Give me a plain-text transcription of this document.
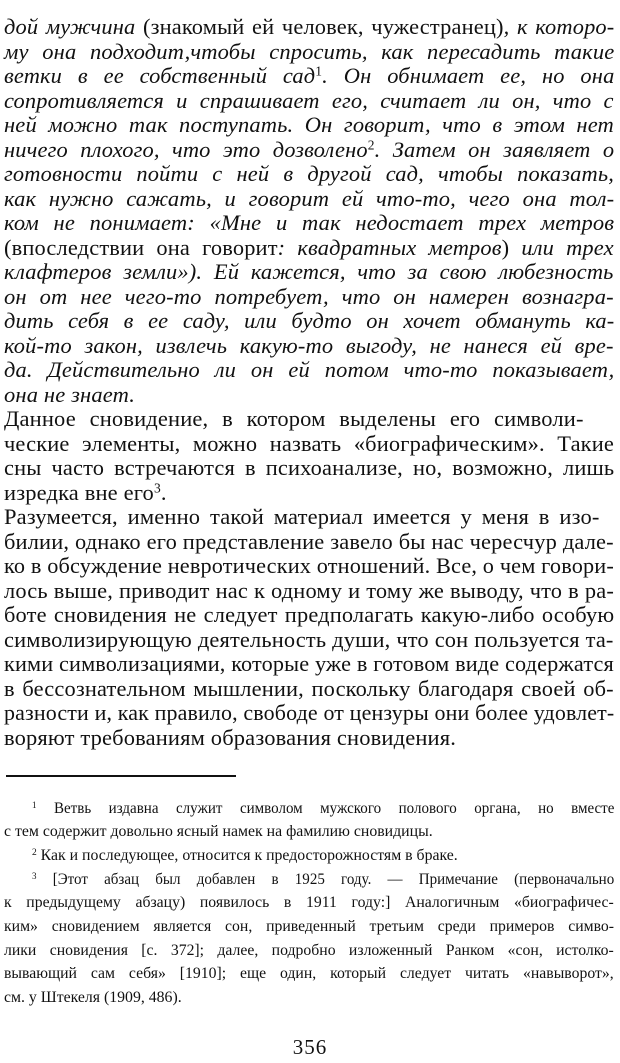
дой мужчина (знакомый ей человек, чужестранец), к которо-
му она подходит,чтобы спросить, как пересадить такие
ветки в ее собственный сад$^1$. Он обнимает ее, но она
сопротивляется и спрашивает его, считает ли он, что с
ней можно так поступать. Он говорит, что в этом нет
ничего плохого, что это дозволено$^2$. Затем он заявляет о
готовности пойти с ней в другой сад, чтобы показать,
как нужно сажать, и говорит ей что-то, чего она тол-
ком не понимает: «Мне и так недостает трех метров
(впоследствии она говорит: квадратных метров) или трех
клафтеров земли»). Ей кажется, что за свою любезность
он от нее чего-то потребует, что он намерен вознагра-
дить себя в ее саду, или будто он хочет обмануть ка-
кой-то закон, извлечь какую-то выгоду, не нанеся ей вре-
да. Действительно ли он ей потом что-то показывает,
она не знает.
Данное сновидение, в котором выделены его символи-
ческие элементы, можно назвать «биографическим». Такие
сны часто встречаются в психоанализе, но, возможно, лишь
изредка вне его$^3$.
Разумеется, именно такой материал имеется у меня в изо-
билии, однако его представление завело бы нас чересчур дале-
ко в обсуждение невротических отношений. Все, о чем говори-
лось выше, приводит нас к одному и тому же выводу, что в ра-
боте сновидения не следует предполагать какую-либо особую
символизирующую деятельность души, что сон пользуется та-
кими символизациями, которые уже в готовом виде содержатся
в бессознательном мышлении, поскольку благодаря своей об-
разности и, как правило, свободе от цензуры они более удовлет-
воряют требованиям образования сновидения.
$^1$ Ветвь издавна служит символом мужского полового органа, но вместе
с тем содержит довольно ясный намек на фамилию сновидицы.
$^2$ Как и последующее, относится к предосторожностям в браке.
$^3$ [Этот абзац был добавлен в 1925 году. — Примечание (первоначально
к предыдущему абзацу) появилось в 1911 году:] Аналогичным «биографичес-
ким» сновидением является сон, приведенный третьим среди примеров симво-
лики сновидения [с. 372]; далее, подробно изложенный Ранком «сон, истолко-
вывающий сам себя» [1910]; еще один, который следует читать «навыворот»,
см. у Штекеля (1909, 486).
356
